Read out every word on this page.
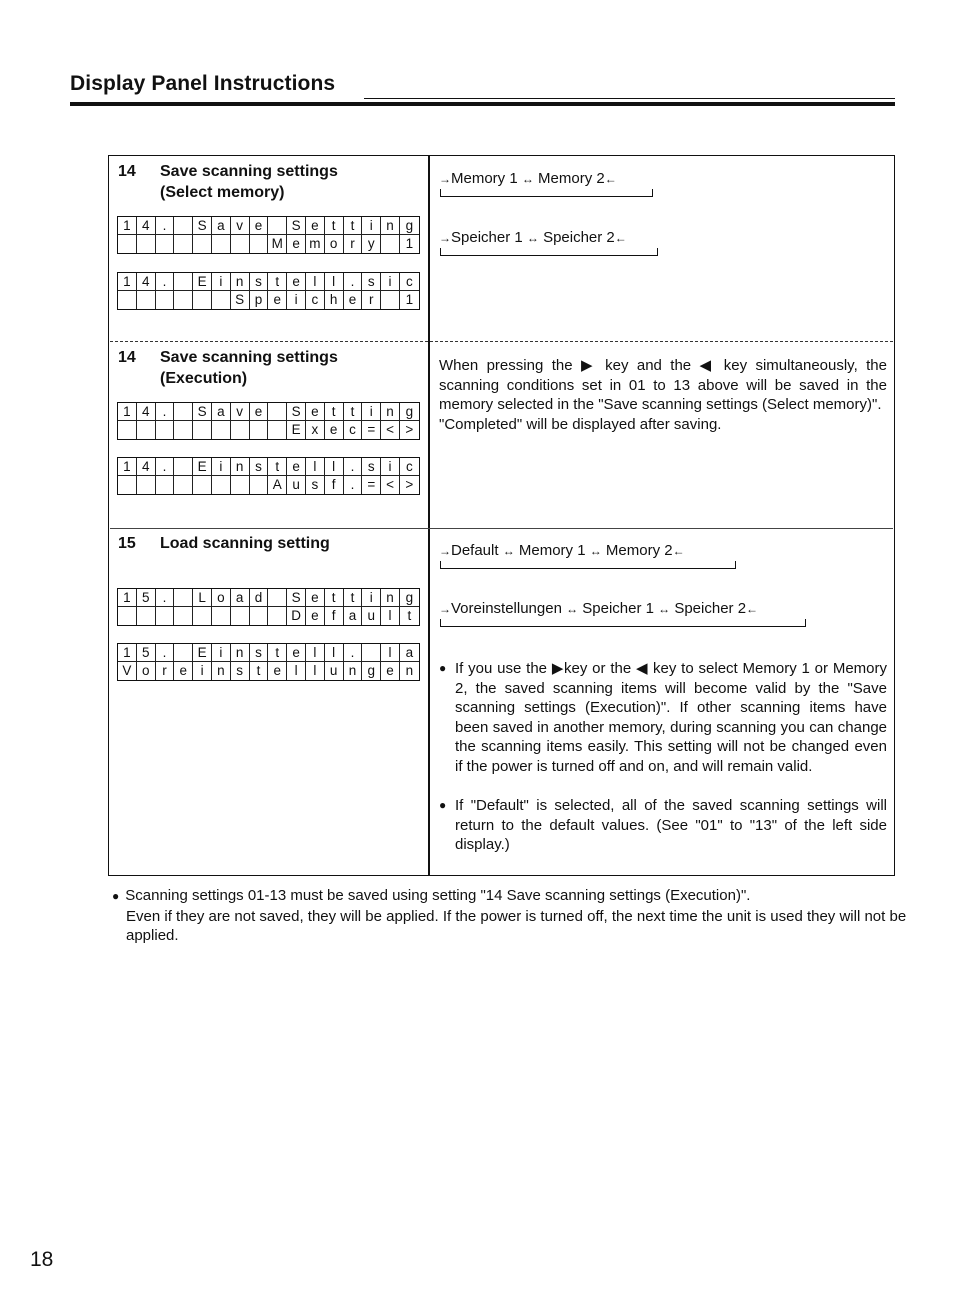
Display Panel Instructions
14 Save scanning settings
(Select memory)
1 4 .	S a v e	S e t	t	i	n g
M e m o r y	1
1 4 .	E i	n s	t e	l	l	.	s	i	c
S p e	i	c h e r	1
→Memory 1 ↔ Memory 2←
→Speicher 1 ↔ Speicher 2←
14 Save scanning settings
(Execution)
1 4 .	S a v e	S e t	t	i	n g
E x e c = < >
1 4 .	E i	n s	t e	l	l	.	s	i	c
A u s	f	. = < >
When pressing the ▶ key and the ◀ key simultaneously, the scanning conditions set in 01 to 13 above will be saved in the memory selected in the "Save scanning settings (Select memory)".
"Completed" will be displayed after saving.
15 Load scanning setting
1 5 .	L o a d	S e t	t	i	n g
D e f a u	l	t
1 5 .	E i	n s	t e	l	l	.	l	a
V o r e	i	n s	t e	l	l	u n g e n
→Default ↔ Memory 1 ↔ Memory 2←
→Voreinstellungen ↔ Speicher 1 ↔ Speicher 2←
● If you use the ▶key or the ◀ key to select Memory 1 or Memory 2, the saved scanning items will become valid by the "Save scanning settings (Execution)". If other scanning items have been saved in another memory, during scanning you can change the scanning items easily. This setting will not be changed even if the power is turned off and on, and will remain valid.
● If "Default" is selected, all of the saved scanning settings will return to the default values. (See "01" to "13" of the left side display.)
● Scanning settings 01-13 must be saved using setting "14 Save scanning settings (Execution)".
Even if they are not saved, they will be applied. If the power is turned off, the next time the unit is used they will not be applied.
18
